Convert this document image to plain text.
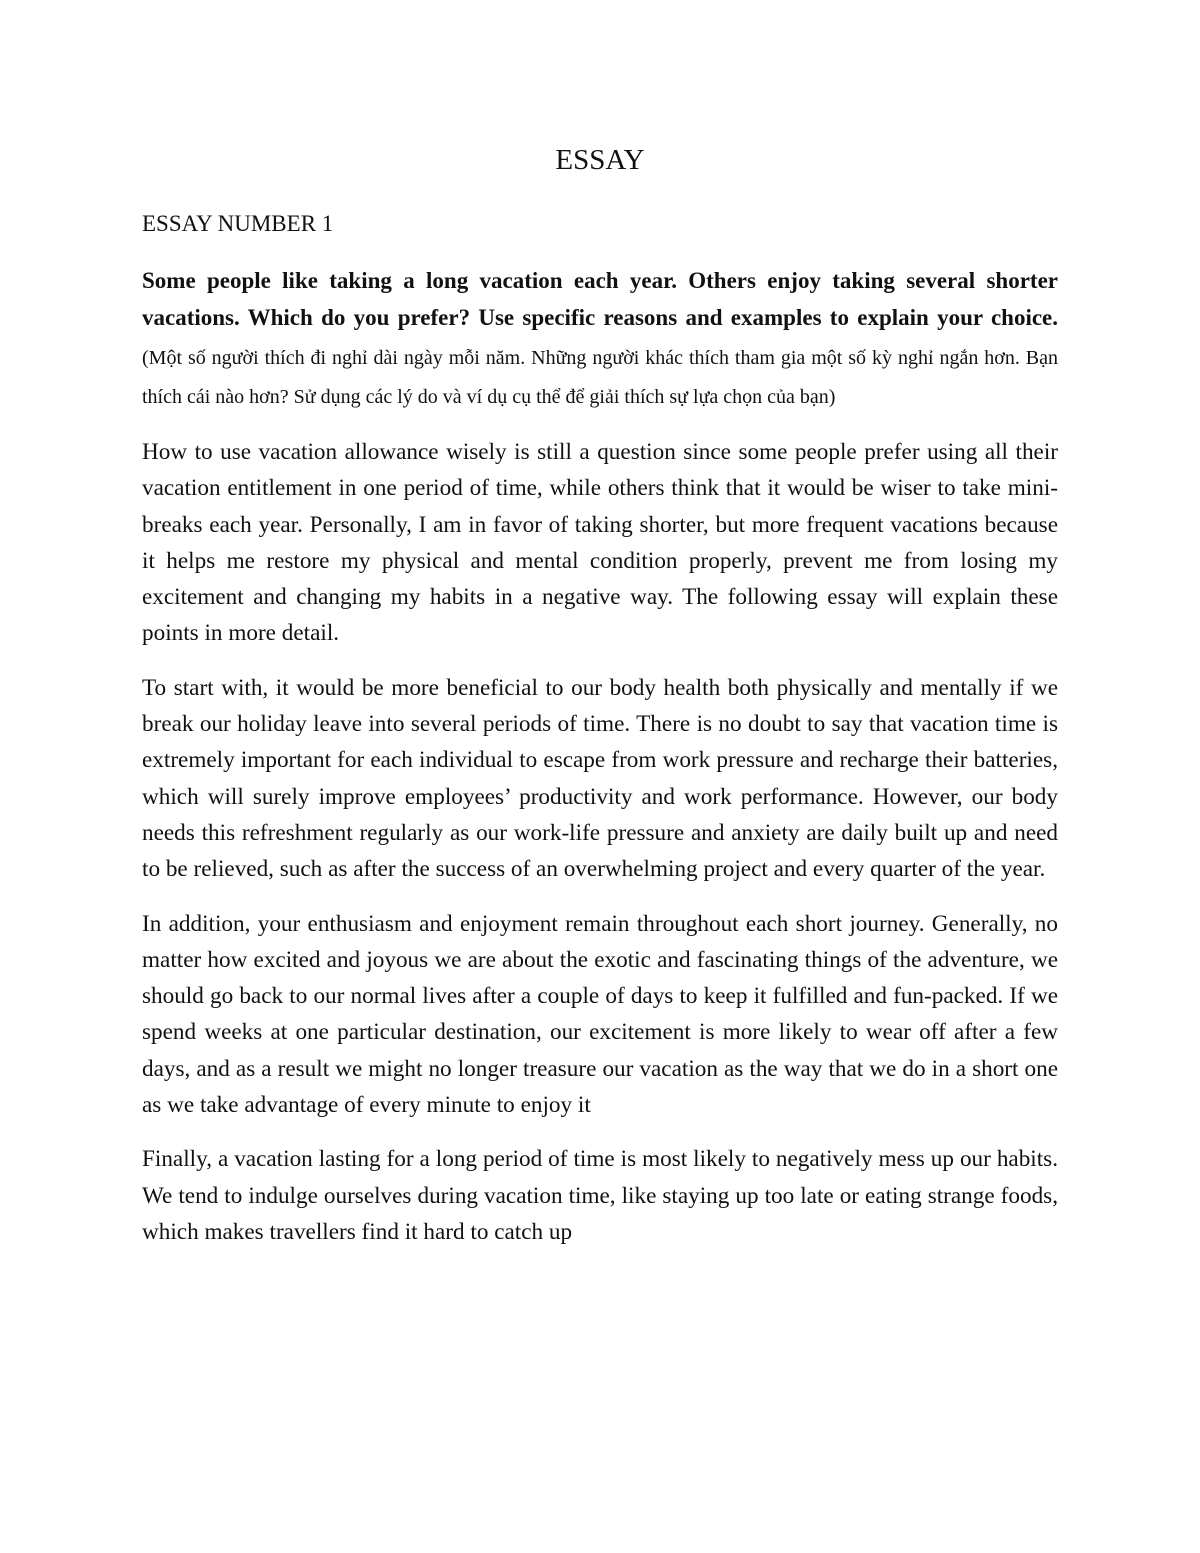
ESSAY
ESSAY NUMBER 1
Some people like taking a long vacation each year. Others enjoy taking several shorter vacations. Which do you prefer? Use specific reasons and examples to explain your choice. (Một số người thích đi nghỉ dài ngày mỗi năm. Những người khác thích tham gia một số kỳ nghỉ ngắn hơn. Bạn thích cái nào hơn? Sử dụng các lý do và ví dụ cụ thể để giải thích sự lựa chọn của bạn)
How to use vacation allowance wisely is still a question since some people prefer using all their vacation entitlement in one period of time, while others think that it would be wiser to take mini-breaks each year. Personally, I am in favor of taking shorter, but more frequent vacations because it helps me restore my physical and mental condition properly, prevent me from losing my excitement and changing my habits in a negative way. The following essay will explain these points in more detail.
To start with, it would be more beneficial to our body health both physically and mentally if we break our holiday leave into several periods of time. There is no doubt to say that vacation time is extremely important for each individual to escape from work pressure and recharge their batteries, which will surely improve employees’ productivity and work performance. However, our body needs this refreshment regularly as our work-life pressure and anxiety are daily built up and need to be relieved, such as after the success of an overwhelming project and every quarter of the year.
In addition, your enthusiasm and enjoyment remain throughout each short journey. Generally, no matter how excited and joyous we are about the exotic and fascinating things of the adventure, we should go back to our normal lives after a couple of days to keep it fulfilled and fun-packed. If we spend weeks at one particular destination, our excitement is more likely to wear off after a few days, and as a result we might no longer treasure our vacation as the way that we do in a short one as we take advantage of every minute to enjoy it
Finally, a vacation lasting for a long period of time is most likely to negatively mess up our habits. We tend to indulge ourselves during vacation time, like staying up too late or eating strange foods, which makes travellers find it hard to catch up
